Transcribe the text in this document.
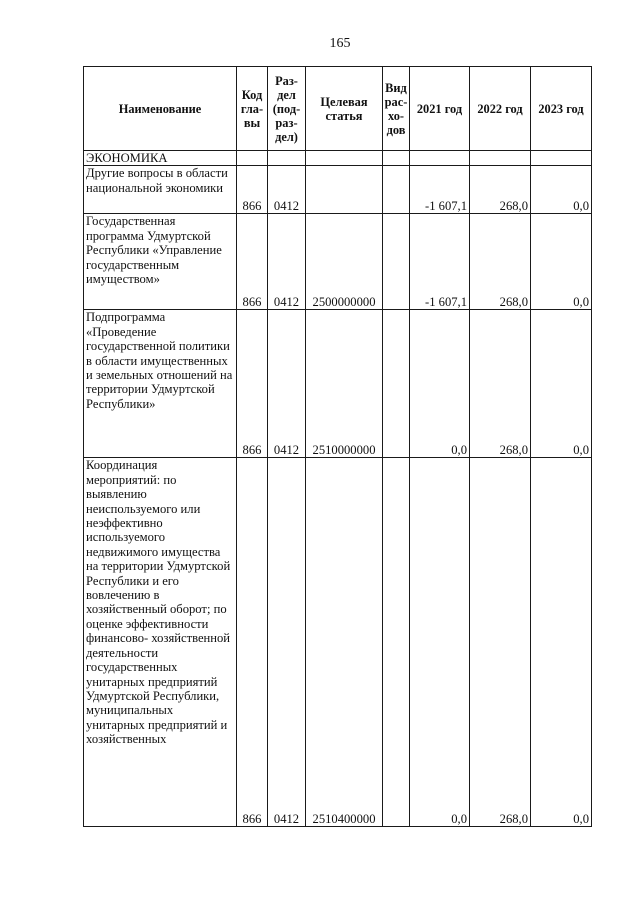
165
Наименование	Код гла- вы	Раз- дел (под- раз- дел)	Целевая статья	Вид рас- хо- дов	2021 год	2022 год	2023 год
ЭКОНОМИКА							
Другие вопросы в области национальной экономики	866	0412			-1 607,1	268,0	0,0
Государственная программа Удмуртской Республики «Управление государственным имуществом»	866	0412	2500000000		-1 607,1	268,0	0,0
Подпрограмма «Проведение государственной политики в области имущественных и земельных отношений на территории Удмуртской Республики»	866	0412	2510000000		0,0	268,0	0,0
Координация мероприятий: по выявлению неиспользуемого или неэффективно используемого недвижимого имущества на территории Удмуртской Республики и его вовлечению в хозяйственный оборот; по оценке эффективности финансово- хозяйственной деятельности государственных унитарных предприятий Удмуртской Республики, муниципальных унитарных предприятий и хозяйственных	866	0412	2510400000		0,0	268,0	0,0
